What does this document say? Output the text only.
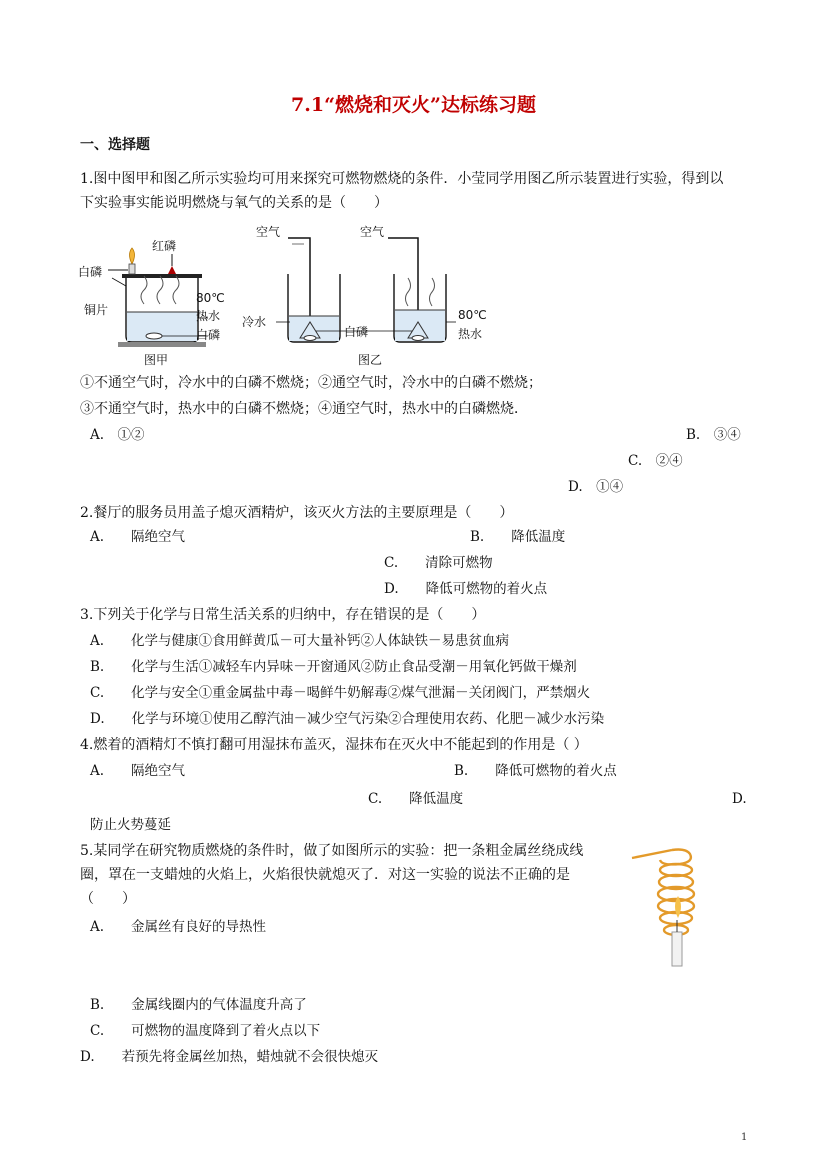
7.1“燃烧和灭火”达标练习题
一、选择题
1.图中图甲和图乙所示实验均可用来探究可燃物燃烧的条件．小莹同学用图乙所示装置进行实验，得到以
下实验事实能说明燃烧与氧气的关系的是（　　）
白磷
红磷
铜片
80℃
热水
白磷
图甲
空气	空气
冷水
白磷
80℃
热水
图乙
①不通空气时，冷水中的白磷不燃烧；②通空气时，冷水中的白磷不燃烧；
③不通空气时，热水中的白磷不燃烧；④通空气时，热水中的白磷燃烧．
A.　①②	B.　③④
C.　②④
D.　①④
2.餐厅的服务员用盖子熄灭酒精炉，该灭火方法的主要原理是（　　）
A.　　隔绝空气	B.　　降低温度
C.　　清除可燃物
D.　　降低可燃物的着火点
3.下列关于化学与日常生活关系的归纳中，存在错误的是（　　）
A.　　化学与健康①食用鲜黄瓜－可大量补钙②人体缺铁－易患贫血病
B.　　化学与生活①减轻车内异味－开窗通风②防止食品受潮－用氧化钙做干燥剂
C.　　化学与安全①重金属盐中毒－喝鲜牛奶解毒②煤气泄漏－关闭阀门，严禁烟火
D.　　化学与环境①使用乙醇汽油－减少空气污染②合理使用农药、化肥－减少水污染
4.燃着的酒精灯不慎打翻可用湿抹布盖灭，湿抹布在灭火中不能起到的作用是（ ）
A.　　隔绝空气	B.　　降低可燃物的着火点
C.　　降低温度	D.
防止火势蔓延
5.某同学在研究物质燃烧的条件时，做了如图所示的实验：把一条粗金属丝绕成线
圈，罩在一支蜡烛的火焰上，火焰很快就熄灭了．对这一实验的说法不正确的是
（　　）
A.　　金属丝有良好的导热性
B.　　金属线圈内的气体温度升高了
C.　　可燃物的温度降到了着火点以下
D.　　若预先将金属丝加热，蜡烛就不会很快熄灭
1
